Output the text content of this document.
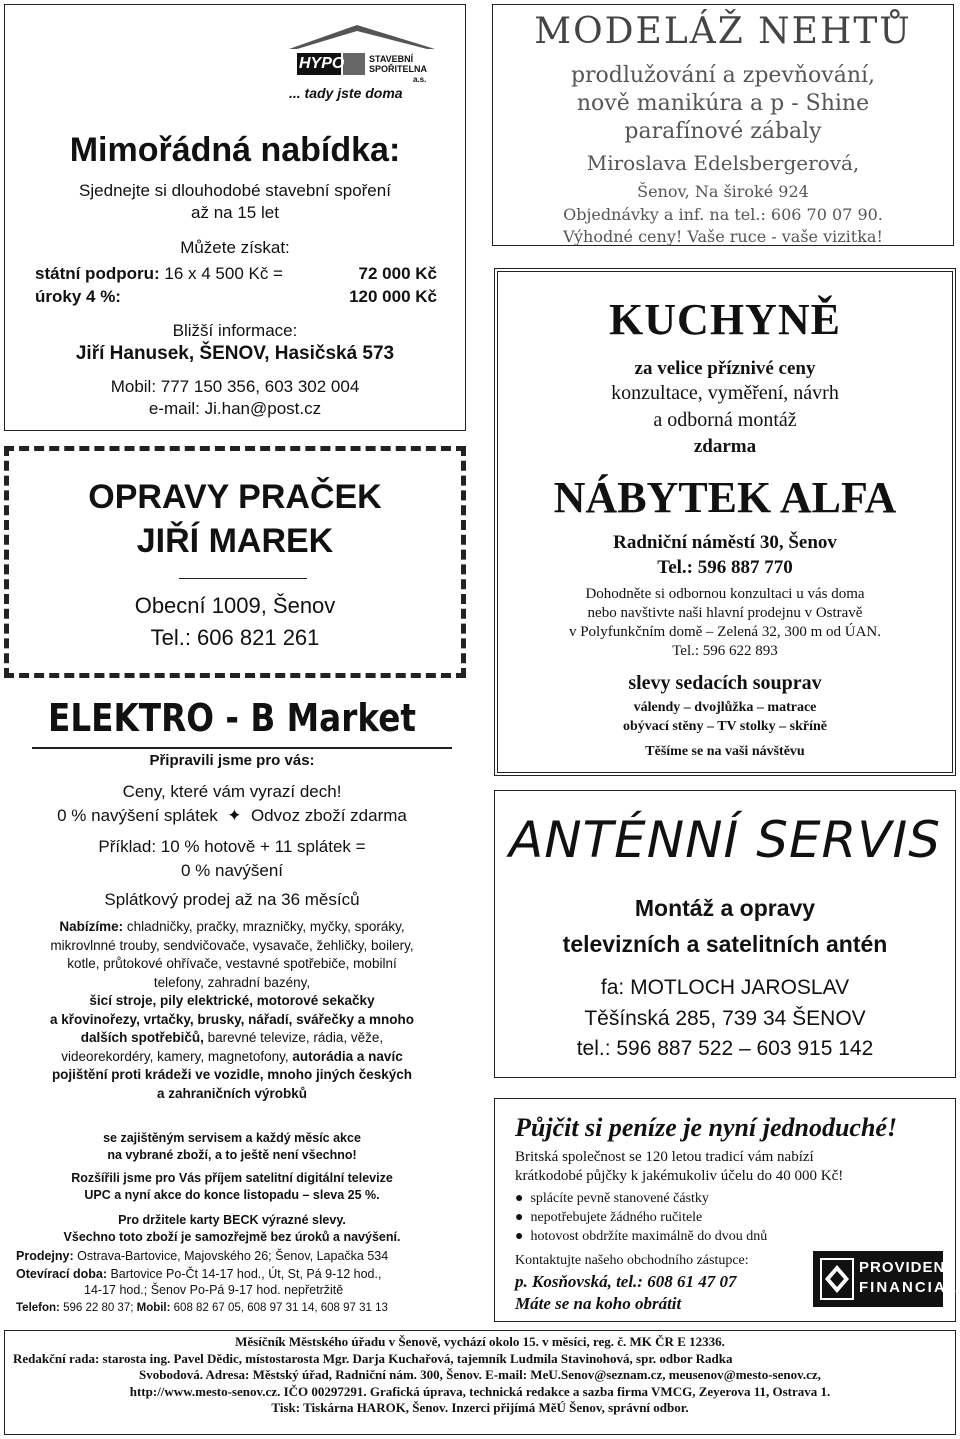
HYPO	STAVEBNÍ SPOŘITELNA
a.s.
... tady jste doma
Mimořádná nabídka:
Sjednejte si dlouhodobé stavební spoření
až na 15 let
Můžete získat:
státní podporu: 16 x 4 500 Kč =	72 000 Kč
úroky 4 %:	120 000 Kč
Bližší informace:
Jiří Hanusek, ŠENOV, Hasičská 573
Mobil: 777 150 356, 603 302 004
e-mail: Ji.han@post.cz
OPRAVY PRAČEK
JIŘÍ MAREK
Obecní 1009, Šenov
Tel.: 606 821 261
ELEKTRO - B Market
Připravili jsme pro vás:
Ceny, které vám vyrazí dech!
0 % navýšení splátek  ✦  Odvoz zboží zdarma
Příklad: 10 % hotově + 11 splátek =
0 % navýšení
Splátkový prodej až na 36 měsíců
Nabízíme: chladničky, pračky, mrazničky, myčky, sporáky,
mikrovlnné trouby, sendvičovače, vysavače, žehličky, boilery,
kotle, průtokové ohřívače, vestavné spotřebiče, mobilní
telefony, zahradní bazény,
šicí stroje, pily elektrické, motorové sekačky
a křovinořezy, vrtačky, brusky, nářadí, svářečky a mnoho
dalších spotřebičů, barevné televize, rádia, věže,
videorekordéry, kamery, magnetofony, autorádia a navíc
pojištění proti krádeži ve vozidle, mnoho jiných českých
a zahraničních výrobků
se zajištěným servisem a každý měsíc akce
na vybrané zboží, a to ještě není všechno!
Rozšířili jsme pro Vás příjem satelitní digitální televize
UPC a nyní akce do konce listopadu – sleva 25 %.
Pro držitele karty BECK výrazné slevy.
Všechno toto zboží je samozřejmě bez úroků a navýšení.
Prodejny: Ostrava-Bartovice, Majovského 26; Šenov, Lapačka 534
Otevírací doba: Bartovice Po-Čt 14-17 hod., Út, St, Pá 9-12 hod.,
14-17 hod.; Šenov Po-Pá 9-17 hod. nepřetržitě
Telefon: 596 22 80 37; Mobil: 608 82 67 05, 608 97 31 14, 608 97 31 13
MODELÁŽ NEHTŮ
prodlužování a zpevňování,
nově manikúra a p - Shine
parafínové zábaly
Miroslava Edelsbergerová,
Šenov, Na široké 924
Objednávky a inf. na tel.: 606 70 07 90.
Výhodné ceny! Vaše ruce - vaše vizitka!
KUCHYNĚ
za velice příznivé ceny
konzultace, vyměření, návrh
a odborná montáž
zdarma
NÁBYTEK ALFA
Radniční náměstí 30, Šenov
Tel.: 596 887 770
Dohodněte si odbornou konzultaci u vás doma
nebo navštivte naši hlavní prodejnu v Ostravě
v Polyfunkčním domě – Zelená 32, 300 m od ÚAN.
Tel.: 596 622 893
slevy sedacích souprav
válendy – dvojlůžka – matrace
obývací stěny – TV stolky – skříně
Těšíme se na vaši návštěvu
ANTÉNNÍ SERVIS
Montáž a opravy
televizních a satelitních antén
fa: MOTLOCH JAROSLAV
Těšínská 285, 739 34 ŠENOV
tel.: 596 887 522 – 603 915 142
Půjčit si peníze je nyní jednoduché!
Britská společnost se 120 letou tradicí vám nabízí
krátkodobé půjčky k jakémukoliv účelu do 40 000 Kč!
●  splácíte pevně stanovené částky
●  nepotřebujete žádného ručitele
●  hotovost obdržíte maximálně do dvou dnů
Kontaktujte našeho obchodního zástupce:
p. Kosňovská, tel.: 608 61 47 07
Máte se na koho obrátit
PROVIDENT
FINANCIAL
Měsíčník Městského úřadu v Šenově, vychází okolo 15. v měsíci, reg. č. MK ČR E 12336.
Redakční rada: starosta ing. Pavel Dědic, místostarosta Mgr. Darja Kuchařová, tajemník Ludmila Stavinohová, spr. odbor Radka
Svobodová. Adresa: Městský úřad, Radniční nám. 300, Šenov. E-mail: MeU.Senov@seznam.cz, meusenov@mesto-senov.cz,
http://www.mesto-senov.cz. IČO 00297291. Grafická úprava, technická redakce a sazba firma VMCG, Zeyerova 11, Ostrava 1.
Tisk: Tiskárna HAROK, Šenov. Inzerci přijímá MěÚ Šenov, správní odbor.
